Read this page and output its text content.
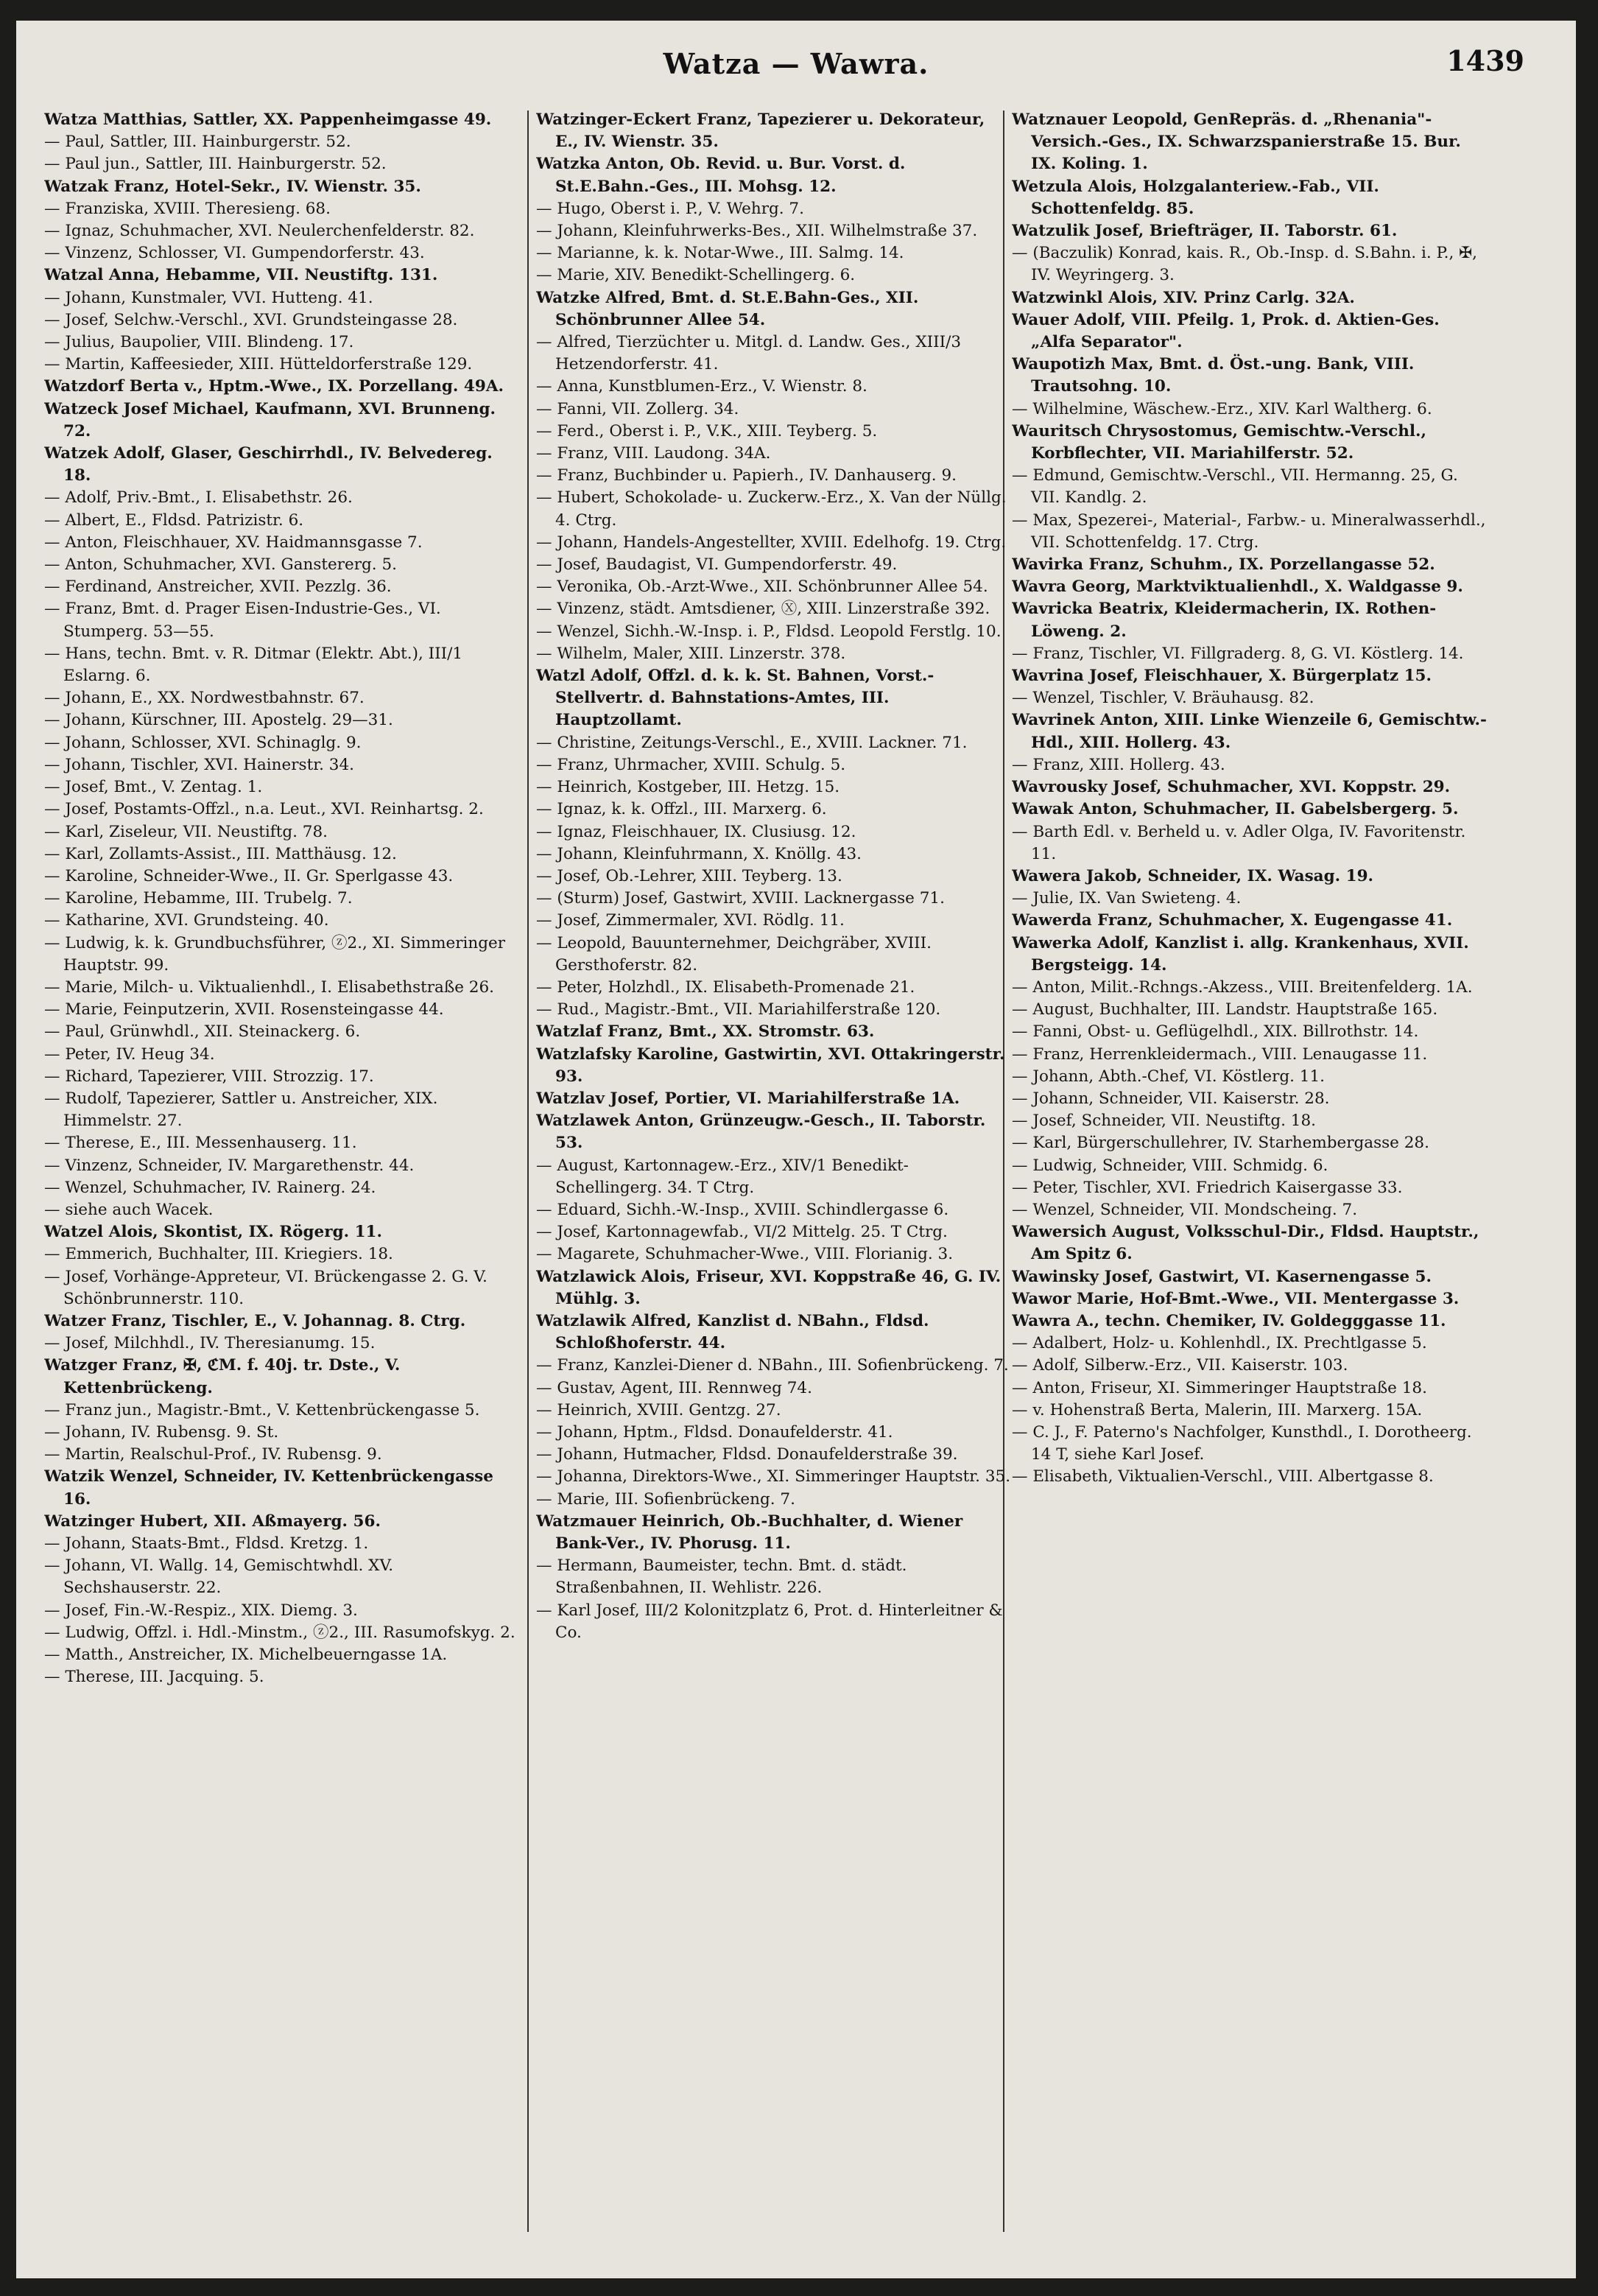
Watza — Wawra.	1439
Watza Matthias, Sattler, XX. Pappenheimgasse 49.
— Paul, Sattler, III. Hainburgerstr. 52.
— Paul jun., Sattler, III. Hainburgerstr. 52.
Watzak Franz, Hotel-Sekr., IV. Wienstr. 35.
— Franziska, XVIII. Theresieng. 68.
— Ignaz, Schuhmacher, XVI. Neulerchenfelderstr. 82.
— Vinzenz, Schlosser, VI. Gumpendorferstr. 43.
Watzal Anna, Hebamme, VII. Neustiftg. 131.
— Johann, Kunstmaler, VVI. Hutteng. 41.
— Josef, Selchw.-Verschl., XVI. Grundsteingasse 28.
— Julius, Baupolier, VIII. Blindeng. 17.
— Martin, Kaffeesieder, XIII. Hütteldorferstraße 129.
Watzdorf Berta v., Hptm.-Wwe., IX. Porzellang. 49A.
Watzeck Josef Michael, Kaufmann, XVI. Brunneng. 72.
Watzek Adolf, Glaser, Geschirrhdl., IV. Belvedereg. 18.
— Adolf, Priv.-Bmt., I. Elisabethstr. 26.
— Albert, E., Fldsd. Patrizistr. 6.
— Anton, Fleischhauer, XV. Haidmannsgasse 7.
— Anton, Schuhmacher, XVI. Ganstererg. 5.
— Ferdinand, Anstreicher, XVII. Pezzlg. 36.
— Franz, Bmt. d. Prager Eisen-Industrie-Ges., VI. Stumperg. 53—55.
— Hans, techn. Bmt. v. R. Ditmar (Elektr. Abt.), III/1 Eslarng. 6.
— Johann, E., XX. Nordwestbahnstr. 67.
— Johann, Kürschner, III. Apostelg. 29—31.
— Johann, Schlosser, XVI. Schinaglg. 9.
— Johann, Tischler, XVI. Hainerstr. 34.
— Josef, Bmt., V. Zentag. 1.
— Josef, Postamts-Offzl., n.a. Leut., XVI. Reinhartsg. 2.
— Karl, Ziseleur, VII. Neustiftg. 78.
— Karl, Zollamts-Assist., III. Matthäusg. 12.
— Karoline, Schneider-Wwe., II. Gr. Sperlgasse 43.
— Karoline, Hebamme, III. Trubelg. 7.
— Katharine, XVI. Grundsteing. 40.
— Ludwig, k. k. Grundbuchsführer, ⓩ2., XI. Simmeringer Hauptstr. 99.
— Marie, Milch- u. Viktualienhdl., I. Elisabethstraße 26.
— Marie, Feinputzerin, XVII. Rosensteingasse 44.
— Paul, Grünwhdl., XII. Steinackerg. 6.
— Peter, IV. Heug 34.
— Richard, Tapezierer, VIII. Strozzig. 17.
— Rudolf, Tapezierer, Sattler u. Anstreicher, XIX. Himmelstr. 27.
— Therese, E., III. Messenhauserg. 11.
— Vinzenz, Schneider, IV. Margarethenstr. 44.
— Wenzel, Schuhmacher, IV. Rainerg. 24.
— siehe auch Wacek.
Watzel Alois, Skontist, IX. Rögerg. 11.
— Emmerich, Buchhalter, III. Kriegiers. 18.
— Josef, Vorhänge-Appreteur, VI. Brückengasse 2. G. V. Schönbrunnerstr. 110.
Watzer Franz, Tischler, E., V. Johannag. 8. Ctrg.
— Josef, Milchhdl., IV. Theresianumg. 15.
Watzger Franz, ✠, ℭM. f. 40j. tr. Dste., V. Kettenbrückeng.
— Franz jun., Magistr.-Bmt., V. Kettenbrückengasse 5.
— Johann, IV. Rubensg. 9. St.
— Martin, Realschul-Prof., IV. Rubensg. 9.
Watzik Wenzel, Schneider, IV. Kettenbrückengasse 16.
Watzinger Hubert, XII. Aßmayerg. 56.
— Johann, Staats-Bmt., Fldsd. Kretzg. 1.
— Johann, VI. Wallg. 14, Gemischtwhdl. XV. Sechshauserstr. 22.
— Josef, Fin.-W.-Respiz., XIX. Diemg. 3.
— Ludwig, Offzl. i. Hdl.-Minstm., ⓩ2., III. Rasumofskyg. 2.
— Matth., Anstreicher, IX. Michelbeuerngasse 1A.
— Therese, III. Jacquing. 5.
Watzinger-Eckert Franz, Tapezierer u. Dekorateur, E., IV. Wienstr. 35.
Watzka Anton, Ob. Revid. u. Bur. Vorst. d. St.E.Bahn.-Ges., III. Mohsg. 12.
— Hugo, Oberst i. P., V. Wehrg. 7.
— Johann, Kleinfuhrwerks-Bes., XII. Wilhelmstraße 37.
— Marianne, k. k. Notar-Wwe., III. Salmg. 14.
— Marie, XIV. Benedikt-Schellingerg. 6.
Watzke Alfred, Bmt. d. St.E.Bahn-Ges., XII. Schönbrunner Allee 54.
— Alfred, Tierzüchter u. Mitgl. d. Landw. Ges., XIII/3 Hetzendorferstr. 41.
— Anna, Kunstblumen-Erz., V. Wienstr. 8.
— Fanni, VII. Zollerg. 34.
— Ferd., Oberst i. P., V.K., XIII. Teyberg. 5.
— Franz, VIII. Laudong. 34A.
— Franz, Buchbinder u. Papierh., IV. Danhauserg. 9.
— Hubert, Schokolade- u. Zuckerw.-Erz., X. Van der Nüllg. 4. Ctrg.
— Johann, Handels-Angestellter, XVIII. Edelhofg. 19. Ctrg.
— Josef, Baudagist, VI. Gumpendorferstr. 49.
— Veronika, Ob.-Arzt-Wwe., XII. Schönbrunner Allee 54.
— Vinzenz, städt. Amtsdiener, Ⓧ, XIII. Linzerstraße 392.
— Wenzel, Sichh.-W.-Insp. i. P., Fldsd. Leopold Ferstlg. 10.
— Wilhelm, Maler, XIII. Linzerstr. 378.
Watzl Adolf, Offzl. d. k. k. St. Bahnen, Vorst.-Stellvertr. d. Bahnstations-Amtes, III. Hauptzollamt.
— Christine, Zeitungs-Verschl., E., XVIII. Lackner. 71.
— Franz, Uhrmacher, XVIII. Schulg. 5.
— Heinrich, Kostgeber, III. Hetzg. 15.
— Ignaz, k. k. Offzl., III. Marxerg. 6.
— Ignaz, Fleischhauer, IX. Clusiusg. 12.
— Johann, Kleinfuhrmann, X. Knöllg. 43.
— Josef, Ob.-Lehrer, XIII. Teyberg. 13.
— (Sturm) Josef, Gastwirt, XVIII. Lacknergasse 71.
— Josef, Zimmermaler, XVI. Rödlg. 11.
— Leopold, Bauunternehmer, Deichgräber, XVIII. Gersthoferstr. 82.
— Peter, Holzhdl., IX. Elisabeth-Promenade 21.
— Rud., Magistr.-Bmt., VII. Mariahilferstraße 120.
Watzlaf Franz, Bmt., XX. Stromstr. 63.
Watzlafsky Karoline, Gastwirtin, XVI. Ottakringerstr. 93.
Watzlav Josef, Portier, VI. Mariahilferstraße 1A.
Watzlawek Anton, Grünzeugw.-Gesch., II. Taborstr. 53.
— August, Kartonnagew.-Erz., XIV/1 Benedikt-Schellingerg. 34. T Ctrg.
— Eduard, Sichh.-W.-Insp., XVIII. Schindlergasse 6.
— Josef, Kartonnagewfab., VI/2 Mittelg. 25. T Ctrg.
— Magarete, Schuhmacher-Wwe., VIII. Florianig. 3.
Watzlawick Alois, Friseur, XVI. Koppstraße 46, G. IV. Mühlg. 3.
Watzlawik Alfred, Kanzlist d. NBahn., Fldsd. Schloßhoferstr. 44.
— Franz, Kanzlei-Diener d. NBahn., III. Sofienbrückeng. 7.
— Gustav, Agent, III. Rennweg 74.
— Heinrich, XVIII. Gentzg. 27.
— Johann, Hptm., Fldsd. Donaufelderstr. 41.
— Johann, Hutmacher, Fldsd. Donaufelderstraße 39.
— Johanna, Direktors-Wwe., XI. Simmeringer Hauptstr. 35.
— Marie, III. Sofienbrückeng. 7.
Watzmauer Heinrich, Ob.-Buchhalter, d. Wiener Bank-Ver., IV. Phorusg. 11.
— Hermann, Baumeister, techn. Bmt. d. städt. Straßenbahnen, II. Wehlistr. 226.
— Karl Josef, III/2 Kolonitzplatz 6, Prot. d. Hinterleitner & Co.
Watznauer Leopold, GenRepräs. d. „Rhenania"-Versich.-Ges., IX. Schwarzspanierstraße 15. Bur. IX. Koling. 1.
Wetzula Alois, Holzgalanteriew.-Fab., VII. Schottenfeldg. 85.
Watzulik Josef, Briefträger, II. Taborstr. 61.
— (Baczulik) Konrad, kais. R., Ob.-Insp. d. S.Bahn. i. P., ✠, IV. Weyringerg. 3.
Watzwinkl Alois, XIV. Prinz Carlg. 32A.
Wauer Adolf, VIII. Pfeilg. 1, Prok. d. Aktien-Ges. „Alfa Separator".
Waupotizh Max, Bmt. d. Öst.-ung. Bank, VIII. Trautsohng. 10.
— Wilhelmine, Wäschew.-Erz., XIV. Karl Waltherg. 6.
Wauritsch Chrysostomus, Gemischtw.-Verschl., Korbflechter, VII. Mariahilferstr. 52.
— Edmund, Gemischtw.-Verschl., VII. Hermanng. 25, G. VII. Kandlg. 2.
— Max, Spezerei-, Material-, Farbw.- u. Mineralwasserhdl., VII. Schottenfeldg. 17. Ctrg.
Wavirka Franz, Schuhm., IX. Porzellangasse 52.
Wavra Georg, Marktviktualienhdl., X. Waldgasse 9.
Wavricka Beatrix, Kleidermacherin, IX. Rothen-Löweng. 2.
— Franz, Tischler, VI. Fillgraderg. 8, G. VI. Köstlerg. 14.
Wavrina Josef, Fleischhauer, X. Bürgerplatz 15.
— Wenzel, Tischler, V. Bräuhausg. 82.
Wavrinek Anton, XIII. Linke Wienzeile 6, Gemischtw.-Hdl., XIII. Hollerg. 43.
— Franz, XIII. Hollerg. 43.
Wavrousky Josef, Schuhmacher, XVI. Koppstr. 29.
Wawak Anton, Schuhmacher, II. Gabelsbergerg. 5.
— Barth Edl. v. Berheld u. v. Adler Olga, IV. Favoritenstr. 11.
Wawera Jakob, Schneider, IX. Wasag. 19.
— Julie, IX. Van Swieteng. 4.
Wawerda Franz, Schuhmacher, X. Eugengasse 41.
Wawerka Adolf, Kanzlist i. allg. Krankenhaus, XVII. Bergsteigg. 14.
— Anton, Milit.-Rchngs.-Akzess., VIII. Breitenfelderg. 1A.
— August, Buchhalter, III. Landstr. Hauptstraße 165.
— Fanni, Obst- u. Geflügelhdl., XIX. Billrothstr. 14.
— Franz, Herrenkleidermach., VIII. Lenaugasse 11.
— Johann, Abth.-Chef, VI. Köstlerg. 11.
— Johann, Schneider, VII. Kaiserstr. 28.
— Josef, Schneider, VII. Neustiftg. 18.
— Karl, Bürgerschullehrer, IV. Starhembergasse 28.
— Ludwig, Schneider, VIII. Schmidg. 6.
— Peter, Tischler, XVI. Friedrich Kaisergasse 33.
— Wenzel, Schneider, VII. Mondscheing. 7.
Wawersich August, Volksschul-Dir., Fldsd. Hauptstr., Am Spitz 6.
Wawinsky Josef, Gastwirt, VI. Kasernengasse 5.
Wawor Marie, Hof-Bmt.-Wwe., VII. Mentergasse 3.
Wawra A., techn. Chemiker, IV. Goldegggasse 11.
— Adalbert, Holz- u. Kohlenhdl., IX. Prechtlgasse 5.
— Adolf, Silberw.-Erz., VII. Kaiserstr. 103.
— Anton, Friseur, XI. Simmeringer Hauptstraße 18.
— v. Hohenstraß Berta, Malerin, III. Marxerg. 15A.
— C. J., F. Paterno's Nachfolger, Kunsthdl., I. Dorotheerg. 14 T, siehe Karl Josef.
— Elisabeth, Viktualien-Verschl., VIII. Albertgasse 8.
